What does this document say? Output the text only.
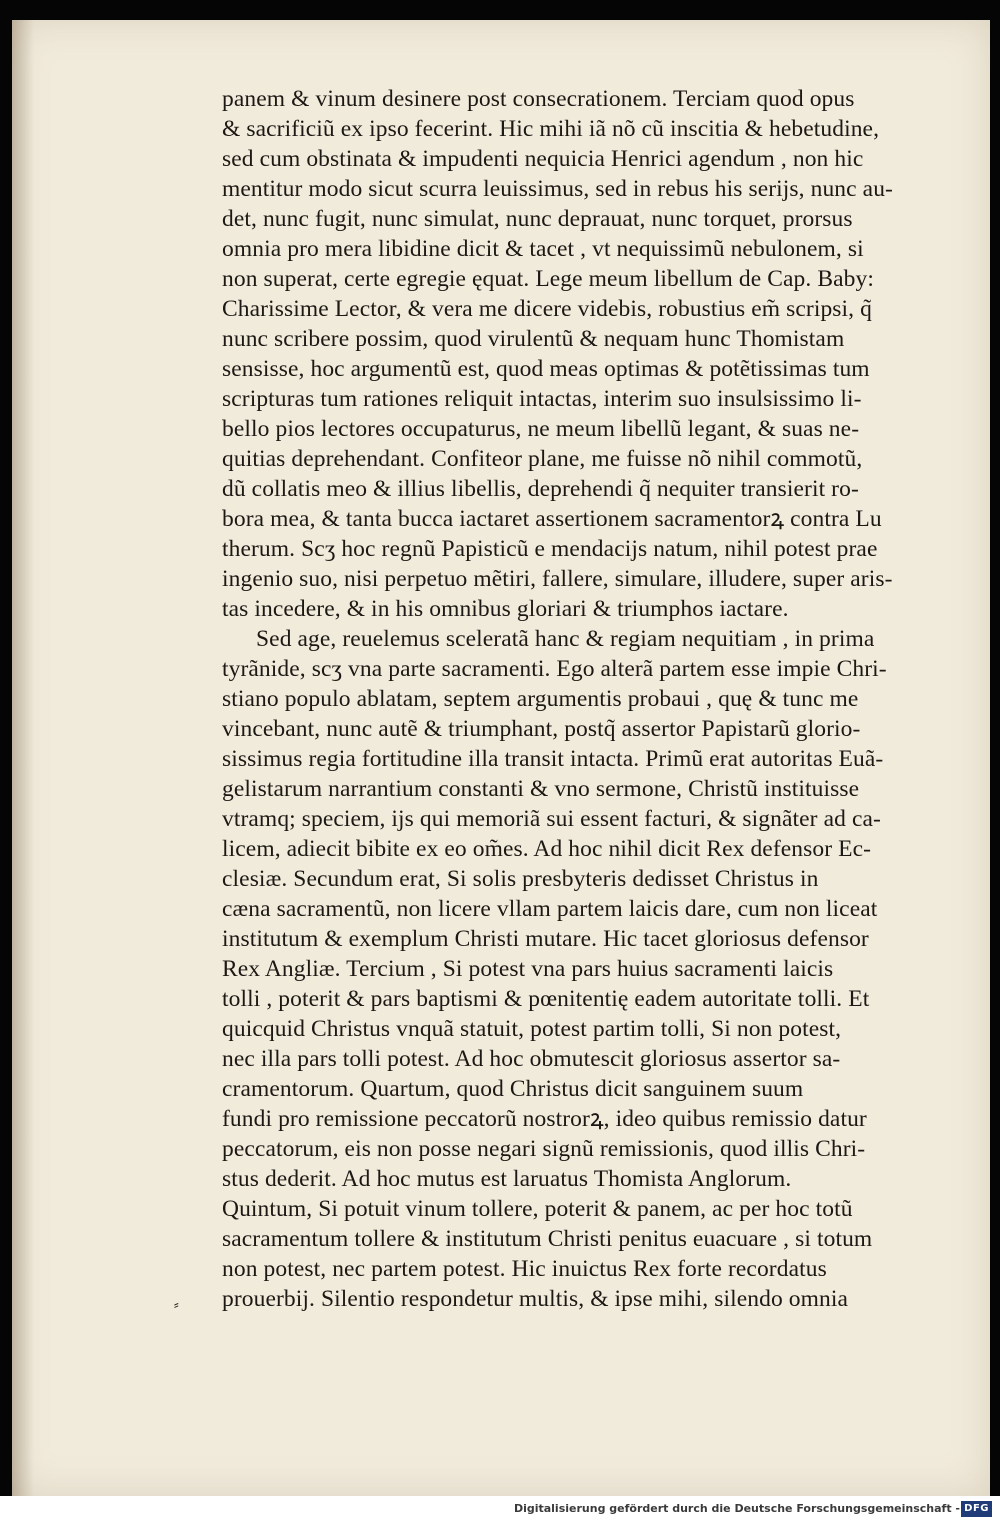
panem & vinum desinere post consecrationem. Terciam quod opus
& sacrificiũ ex ipso fecerint. Hic mihi iã nõ cũ inscitia & hebetudine,
sed cum obstinata & impudenti nequicia Henrici agendum , non hic
mentitur modo sicut scurra leuissimus, sed in rebus his serijs, nunc au-
det, nunc fugit, nunc simulat, nunc deprauat, nunc torquet, prorsus
omnia pro mera libidine dicit & tacet , vt nequissimũ nebulonem, si
non superat, certe egregie ęquat. Lege meum libellum de Cap. Baby:
Charissime Lector, & vera me dicere videbis, robustius em̃ scripsi, q̃
nunc scribere possim, quod virulentũ & nequam hunc Thomistam
sensisse, hoc argumentũ est, quod meas optimas & potẽtissimas tum
scripturas tum rationes reliquit intactas, interim suo insulsissimo li-
bello pios lectores occupaturus, ne meum libellũ legant, & suas ne-
quitias deprehendant. Confiteor plane, me fuisse nõ nihil commotũ,
dũ collatis meo & illius libellis, deprehendi q̃ nequiter transierit ro-
bora mea, & tanta bucca iactaret assertionem sacramentorꝝ contra Lu
therum. Scʒ hoc regnũ Papisticũ e mendacijs natum, nihil potest prae
ingenio suo, nisi perpetuo mẽtiri, fallere, simulare, illudere, super aris-
tas incedere, & in his omnibus gloriari & triumphos iactare.
Sed age, reuelemus sceleratã hanc & regiam nequitiam , in prima
tyrãnide, scʒ vna parte sacramenti. Ego alterã partem esse impie Chri-
stiano populo ablatam, septem argumentis probaui , quę & tunc me
vincebant, nunc autẽ & triumphant, postq̃ assertor Papistarũ glorio-
sissimus regia fortitudine illa transit intacta. Primũ erat autoritas Euã-
gelistarum narrantium constanti & vno sermone, Christũ instituisse
vtramq; speciem, ijs qui memoriã sui essent facturi, & signãter ad ca-
licem, adiecit bibite ex eo om̃es. Ad hoc nihil dicit Rex defensor Ec-
clesiæ. Secundum erat, Si solis presbyteris dedisset Christus in
cæna sacramentũ, non licere vllam partem laicis dare, cum non liceat
institutum & exemplum Christi mutare. Hic tacet gloriosus defensor
Rex Angliæ. Tercium , Si potest vna pars huius sacramenti laicis
tolli , poterit & pars baptismi & pœnitentię eadem autoritate tolli. Et
quicquid Christus vnquã statuit, potest partim tolli, Si non potest,
nec illa pars tolli potest. Ad hoc obmutescit gloriosus assertor sa-
cramentorum. Quartum, quod Christus dicit sanguinem suum
fundi pro remissione peccatorũ nostrorꝝ, ideo quibus remissio datur
peccatorum, eis non posse negari signũ remissionis, quod illis Chri-
stus dederit. Ad hoc mutus est laruatus Thomista Anglorum.
Quintum, Si potuit vinum tollere, poterit & panem, ac per hoc totũ
sacramentum tollere & institutum Christi penitus euacuare , si totum
non potest, nec partem potest. Hic inuictus Rex forte recordatus
prouerbij. Silentio respondetur multis, & ipse mihi, silendo omnia
⸗
Digitalisierung gefördert durch die Deutsche Forschungsgemeinschaft - DFG
